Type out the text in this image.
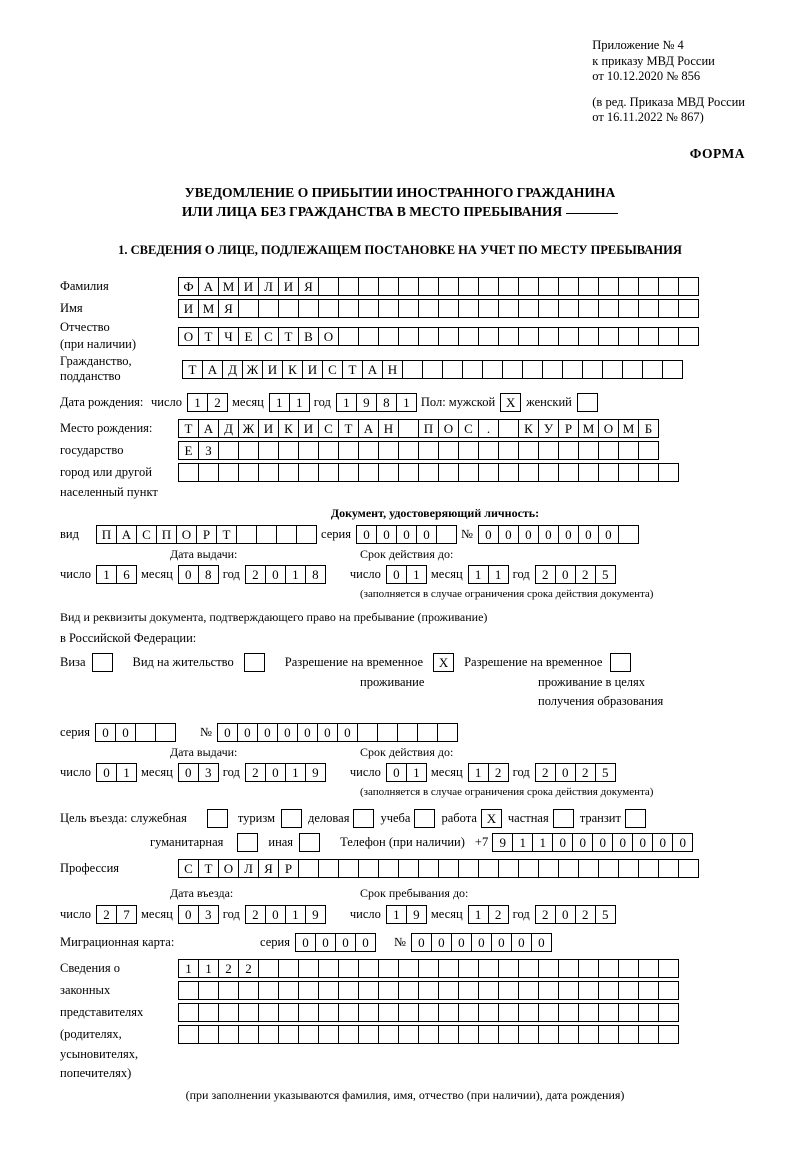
Приложение № 4
к приказу МВД России
от 10.12.2020 № 856
(в ред. Приказа МВД России
от 16.11.2022 № 867)
ФОРМА
УВЕДОМЛЕНИЕ О ПРИБЫТИИ ИНОСТРАННОГО ГРАЖДАНИНА
ИЛИ ЛИЦА БЕЗ ГРАЖДАНСТВА В МЕСТО ПРЕБЫВАНИЯ
1. СВЕДЕНИЯ О ЛИЦЕ, ПОДЛЕЖАЩЕМ ПОСТАНОВКЕ НА УЧЕТ ПО МЕСТУ ПРЕБЫВАНИЯ
Фамилия	Ф А М И Л И Я
Имя	И М Я
Отчество
(при наличии)
О Т Ч Е С Т В О
Гражданство,
подданство	Т А Д Ж И К И С Т А Н
Дата рождения: число 1	2 месяц 1	1 год 1	9	8	1 Пол: мужской Х женский
Место рождения:	Т А Д Ж И К И С Т А Н	П О С	.	К У Р М О М Б
государство	Е З
город или другой
населенный пункт
Документ, удостоверяющий личность:
вид	П А С П О Р Т	серия 0	0	0	0	№ 0	0	0	0	0	0	0
Дата выдачи:	Срок действия до:
число 1	6 месяц 0	8 год 2	0	1	8	число 0	1 месяц 1	1 год 2	0	2	5
(заполняется в случае ограничения срока действия документа)
Вид и реквизиты документа, подтверждающего право на пребывание (проживание)
в Российской Федерации:
Виза	Вид на жительство	Разрешение на временное	Х	Разрешение на временное
проживание	проживание в целях
получения образования
серия 0	0	№ 0	0	0	0	0	0	0
Дата выдачи:	Срок действия до:
число 0	1 месяц 0	3 год 2	0	1	9	число 0	1 месяц 1	2 год 2	0	2	5
(заполняется в случае ограничения срока действия документа)
Цель въезда: служебная	туризм	деловая учеба работа Х частная транзит
гуманитарная	иная	Телефон (при наличии) +7 9	1	1	0	0	0	0	0	0	0
Профессия	С Т О Л Я Р
Дата въезда:	Срок пребывания до:
число 2	7 месяц 0	3 год 2	0	1	9	число 1	9 месяц 1	2 год 2	0	2	5
Миграционная карта:	серия 0	0	0	0	№ 0	0	0	0	0	0	0
Сведения о	1	1	2	2
законных
представителях
(родителях,
усыновителях,
попечителях)
(при заполнении указываются фамилия, имя, отчество (при наличии), дата рождения)
